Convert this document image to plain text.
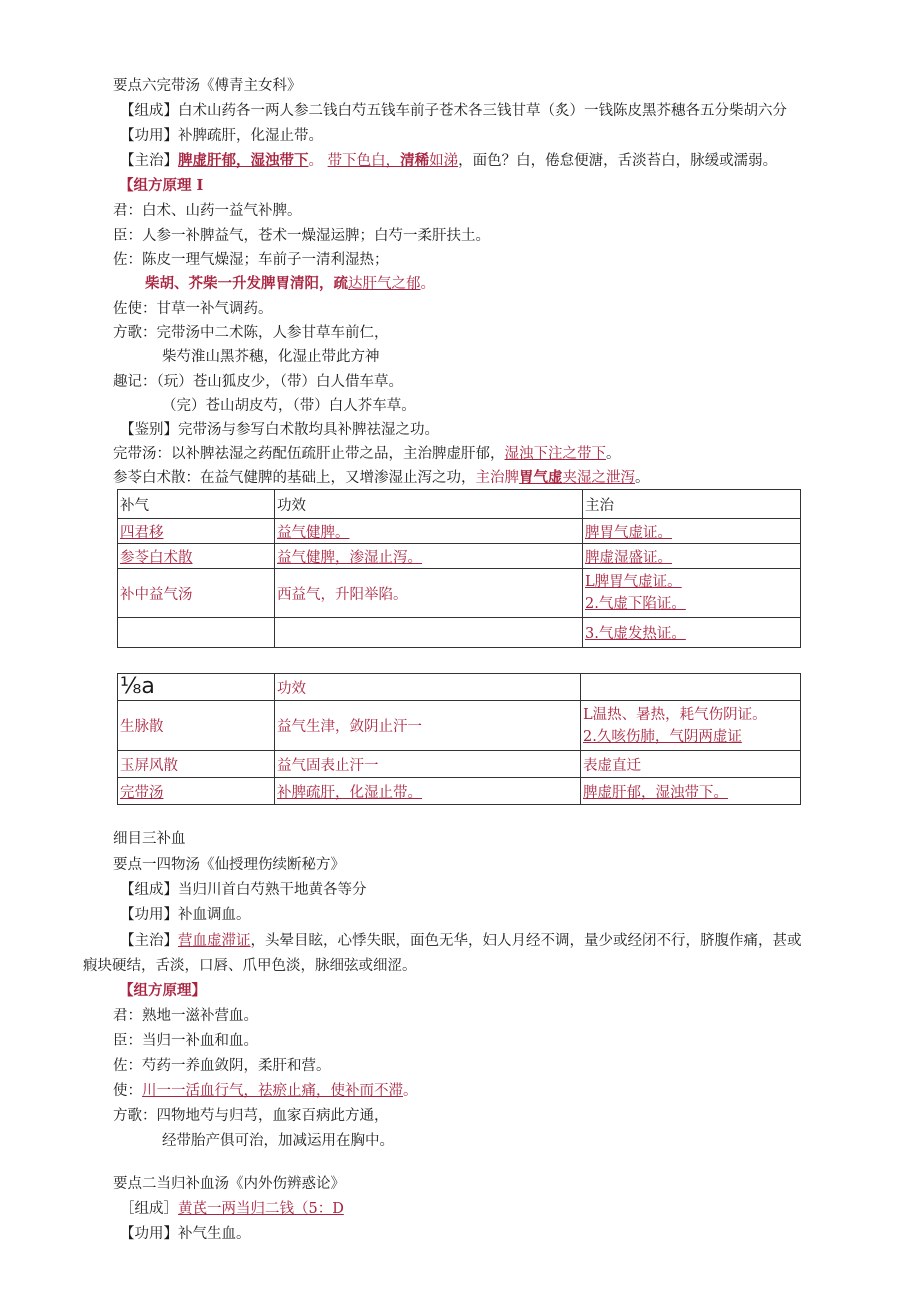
要点六完带汤《傅青主女科》
【组成】白术山药各一两人参二钱白芍五钱车前子苍术各三钱甘草（炙）一钱陈皮黑芥穗各五分柴胡六分
【功用】补脾疏肝，化湿止带。
【主治】脾虚肝郁，湿浊带下。 带下色白，清稀如涕，面色？白，倦怠便溏，舌淡苔白，脉缓或濡弱。
【组方原理 I
君：白术、山药一益气补脾。
臣：人参一补脾益气，苍术一燥湿运脾；白芍一柔肝扶土。
佐：陈皮一理气燥湿；车前子一清利湿热；
柴胡、芥柴一升发脾胃清阳，疏达肝气之郁。
佐使：甘草一补气调药。
方歌：完带汤中二术陈，人参甘草车前仁，
柴芍淮山黑芥穗，化湿止带此方神
趣记：（玩）苍山狐皮少，（带）白人借车草。
（完）苍山胡皮芍，（带）白人芥车草。
【鉴别】完带汤与参写白术散均具补脾祛湿之功。
完带汤：以补脾祛湿之药配伍疏肝止带之品，主治脾虚肝郁，湿浊下注之带下。
参苓白术散：在益气健脾的基础上，又增渗湿止泻之功，主治脾胃气虚夹湿之泄泻。
补气	功效	主治
四君移	益气健脾。	脾胃气虚证。
参苓白术散	益气健脾，渗湿止泻。	脾虚湿盛证。
补中益气汤	西益气，升阳举陷。	L脾胃气虚证。
2.气虚下陷证。

		3.气虚发热证。
⅛a	功效	
生脉散	益气生津，敛阴止汗一	L温热、暑热，耗气伤阴证。
2.久咳伤肺，气阴两虚证

玉屏风散	益气固表止汗一	表虚直迁
完带汤	补脾疏肝，化湿止带。	脾虚肝郁，湿浊带下。
细目三补血
要点一四物汤《仙授理伤续断秘方》
【组成】当归川首白芍熟干地黄各等分
【功用】补血调血。
【主治】营血虚滞证，头晕目眩，心悸失眠，面色无华，妇人月经不调，量少或经闭不行，脐腹作痛，甚或
瘕块硬结，舌淡，口唇、爪甲色淡，脉细弦或细涩。
【组方原理】
君：熟地一滋补营血。
臣：当归一补血和血。
佐：芍药一养血敛阴，柔肝和营。
使：川一一活血行气，祛瘀止痛，使补而不滞。
方歌：四物地芍与归芎，血家百病此方通，
经带胎产俱可治，加减运用在胸中。
要点二当归补血汤《内外伤辨惑论》
［组成］黄芪一两当归二钱（5：D
【功用】补气生血。
